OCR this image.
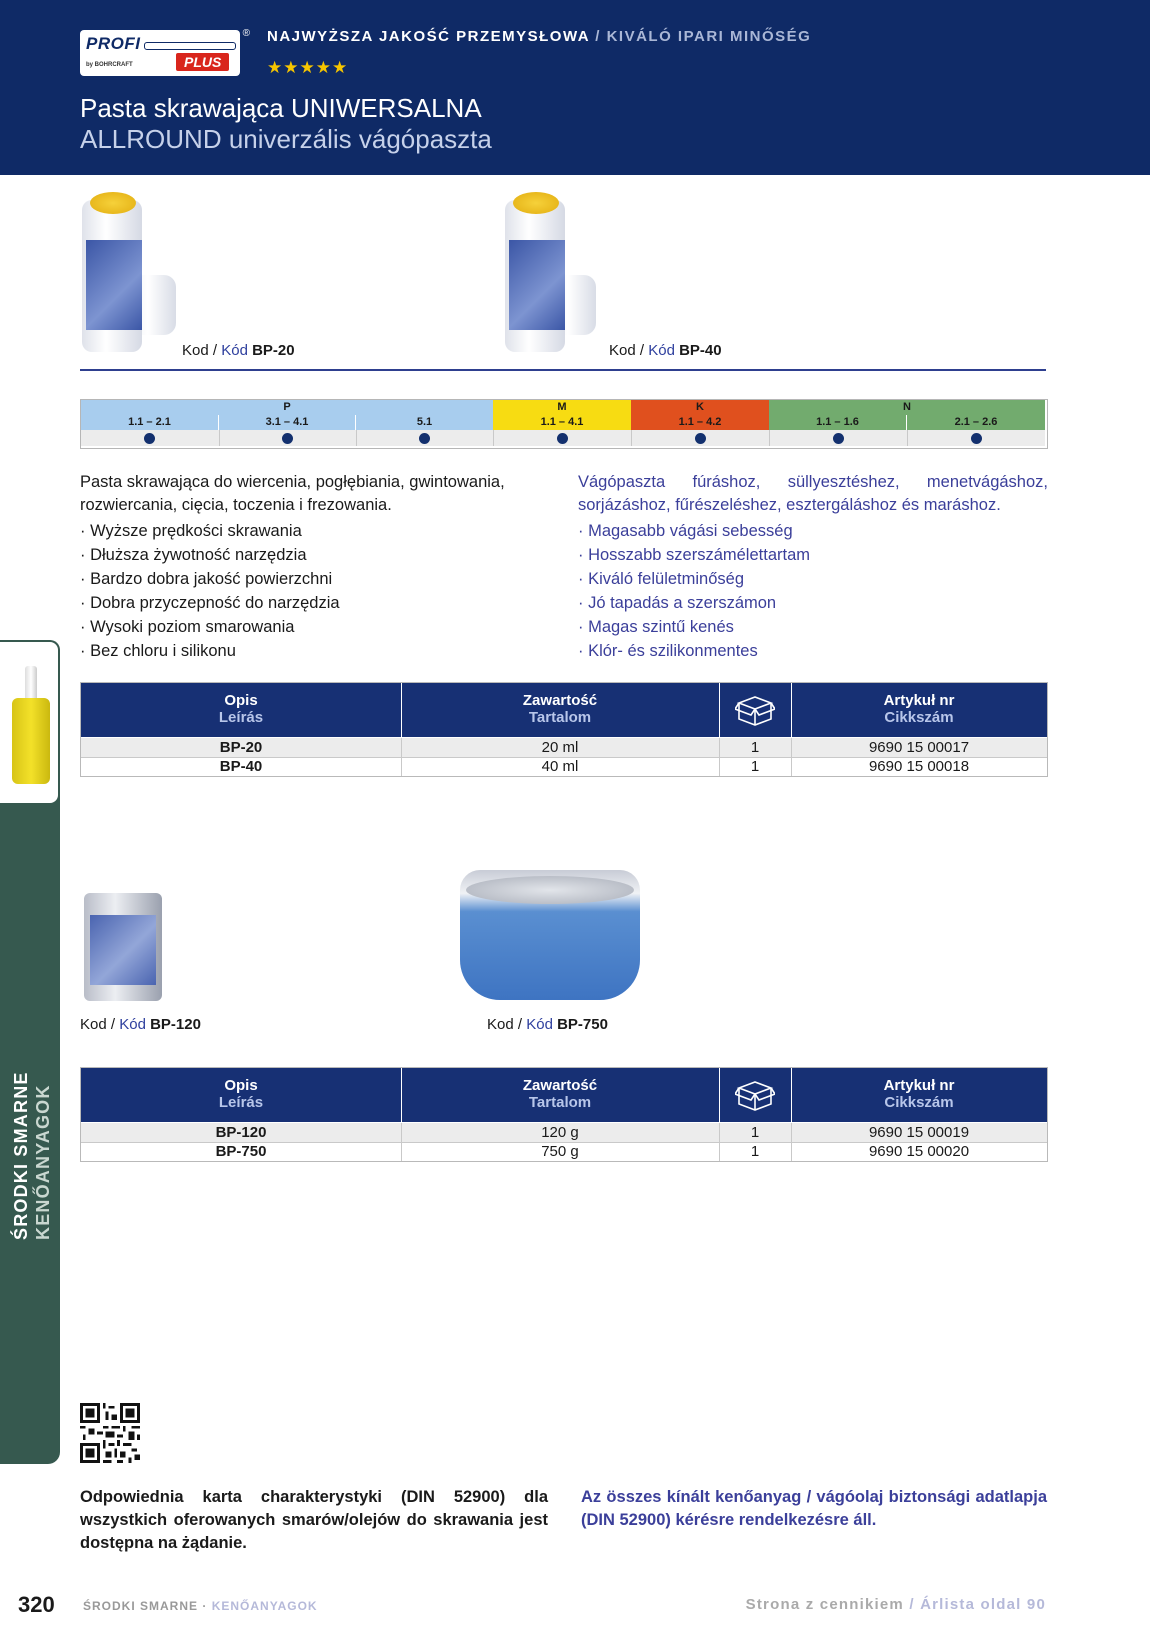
PROFI
PLUS
by BOHRCRAFT
® NAJWYŻSZA JAKOŚĆ PRZEMYSŁOWA / KIVÁLÓ IPARI MINŐSÉG
★★★★★
Pasta skrawająca UNIWERSALNA
ALLROUND univerzális vágópaszta
Kod / Kód BP-20	Kod / Kód BP-40
P	M	K	N
1.1 – 2.1	3.1 – 4.1	5.1	1.1 – 4.1	1.1 – 4.2	1.1 – 1.6	2.1 – 2.6
Pasta skrawająca do wiercenia, pogłębiania, gwintowania, rozwiercania, cięcia, toczenia i frezowania.
Vágópaszta fúráshoz, süllyesztéshez, menetvágáshoz, sorjázáshoz, fűrészeléshez, esztergáláshoz és maráshoz.
· Wyższe prędkości skrawania
· Dłuższa żywotność narzędzia
· Bardzo dobra jakość powierzchni
· Dobra przyczepność do narzędzia
· Wysoki poziom smarowania
· Bez chloru i silikonu
· Magasabb vágási sebesség
· Hosszabb szerszámélettartam
· Kiváló felületminőség
· Jó tapadás a szerszámon
· Magas szintű kenés
· Klór- és szilikonmentes
Opis
Leírás
Zawartość
Tartalom
Artykuł nr
Cikkszám
BP-20	20 ml	1	9690 15 00017
BP-40	40 ml	1	9690 15 00018
Kod / Kód BP-120	Kod / Kód BP-750
Opis
Leírás
Zawartość
Tartalom
Artykuł nr
Cikkszám
BP-120	120 g	1	9690 15 00019
BP-750	750 g	1	9690 15 00020
ŚRODKI SMARNE KENŐANYAGOK
Odpowiednia karta charakterystyki (DIN 52900) dla wszystkich oferowanych smarów/olejów do skrawania jest dostępna na żądanie.
Az összes kínált kenőanyag / vágóolaj biztonsági adatlapja (DIN 52900) kérésre rendelkezésre áll.
320 ŚRODKI SMARNE · KENŐANYAGOK	Strona z cennikiem / Árlista oldal 90
